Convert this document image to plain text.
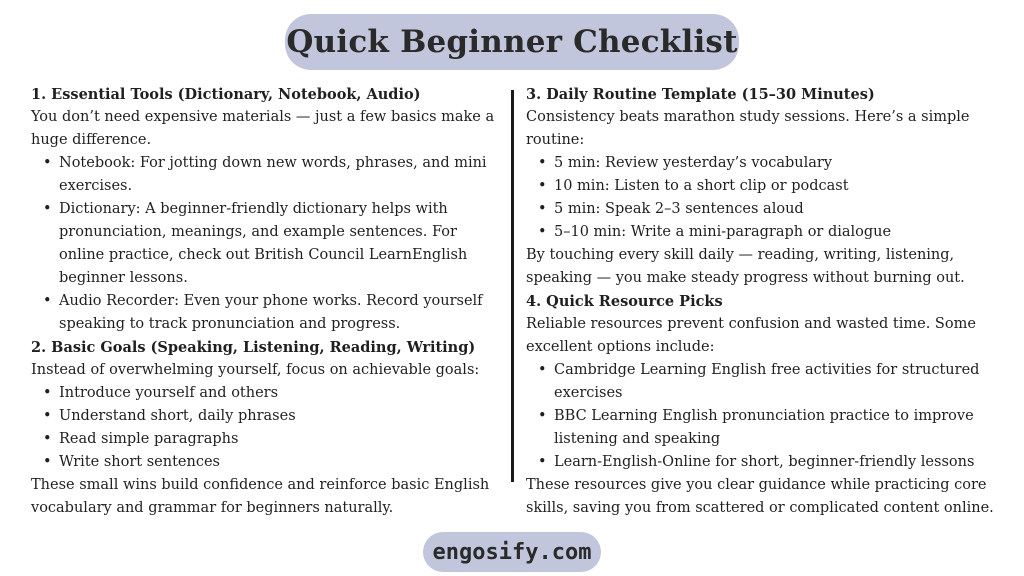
Quick Beginner Checklist
1. Essential Tools (Dictionary, Notebook, Audio)

You don’t need expensive materials — just a few basics make a huge difference.

• Notebook: For jotting down new words, phrases, and mini exercises.
• Dictionary: A beginner-friendly dictionary helps with pronunciation, meanings, and example sentences. For online practice, check out British Council LearnEnglish beginner lessons.
• Audio Recorder: Even your phone works. Record yourself speaking to track pronunciation and progress.
2. Basic Goals (Speaking, Listening, Reading, Writing)

Instead of overwhelming yourself, focus on achievable goals:

• Introduce yourself and others
• Understand short, daily phrases
• Read simple paragraphs
• Write short sentences

These small wins build confidence and reinforce basic English vocabulary and grammar for beginners naturally.

3. Daily Routine Template (15–30 Minutes)

Consistency beats marathon study sessions. Here’s a simple routine:

• 5 min: Review yesterday’s vocabulary
• 10 min: Listen to a short clip or podcast
• 5 min: Speak 2–3 sentences aloud
• 5–10 min: Write a mini-paragraph or dialogue

By touching every skill daily — reading, writing, listening, speaking — you make steady progress without burning out.

4. Quick Resource Picks

Reliable resources prevent confusion and wasted time. Some excellent options include:

• Cambridge Learning English free activities for structured exercises
• BBC Learning English pronunciation practice to improve listening and speaking
• Learn-English-Online for short, beginner-friendly lessons

These resources give you clear guidance while practicing core skills, saving you from scattered or complicated content online.

engosify.com
